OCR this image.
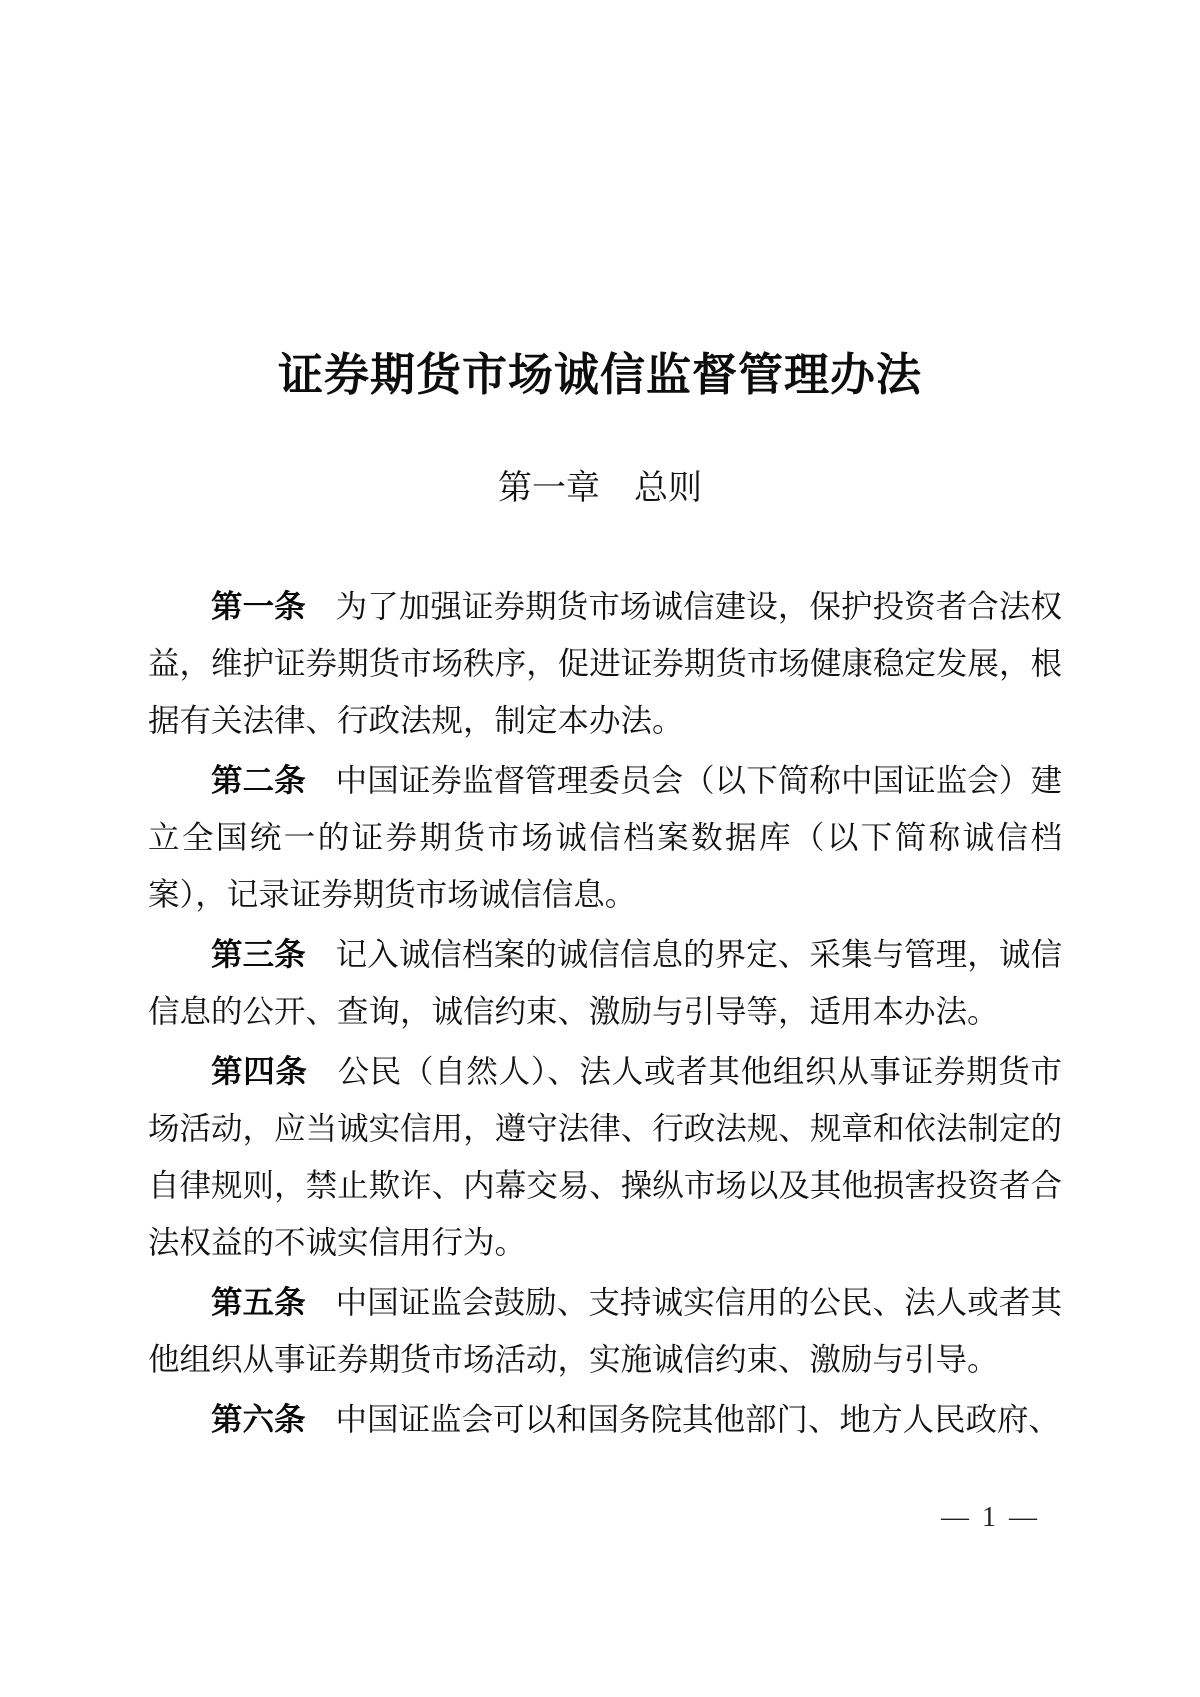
证券期货市场诚信监督管理办法
第一章　总则

第一条 为了加强证券期货市场诚信建设，保护投资者合法权益，维护证券期货市场秩序，促进证券期货市场健康稳定发展，根据有关法律、行政法规，制定本办法。

第二条 中国证券监督管理委员会（以下简称中国证监会）建立全国统一的证券期货市场诚信档案数据库（以下简称诚信档案），记录证券期货市场诚信信息。

第三条 记入诚信档案的诚信信息的界定、采集与管理，诚信信息的公开、查询，诚信约束、激励与引导等，适用本办法。

第四条 公民（自然人）、法人或者其他组织从事证券期货市场活动，应当诚实信用，遵守法律、行政法规、规章和依法制定的自律规则，禁止欺诈、内幕交易、操纵市场以及其他损害投资者合法权益的不诚实信用行为。

第五条 中国证监会鼓励、支持诚实信用的公民、法人或者其他组织从事证券期货市场活动，实施诚信约束、激励与引导。

第六条 中国证监会可以和国务院其他部门、地方人民政府、

— 1 —
